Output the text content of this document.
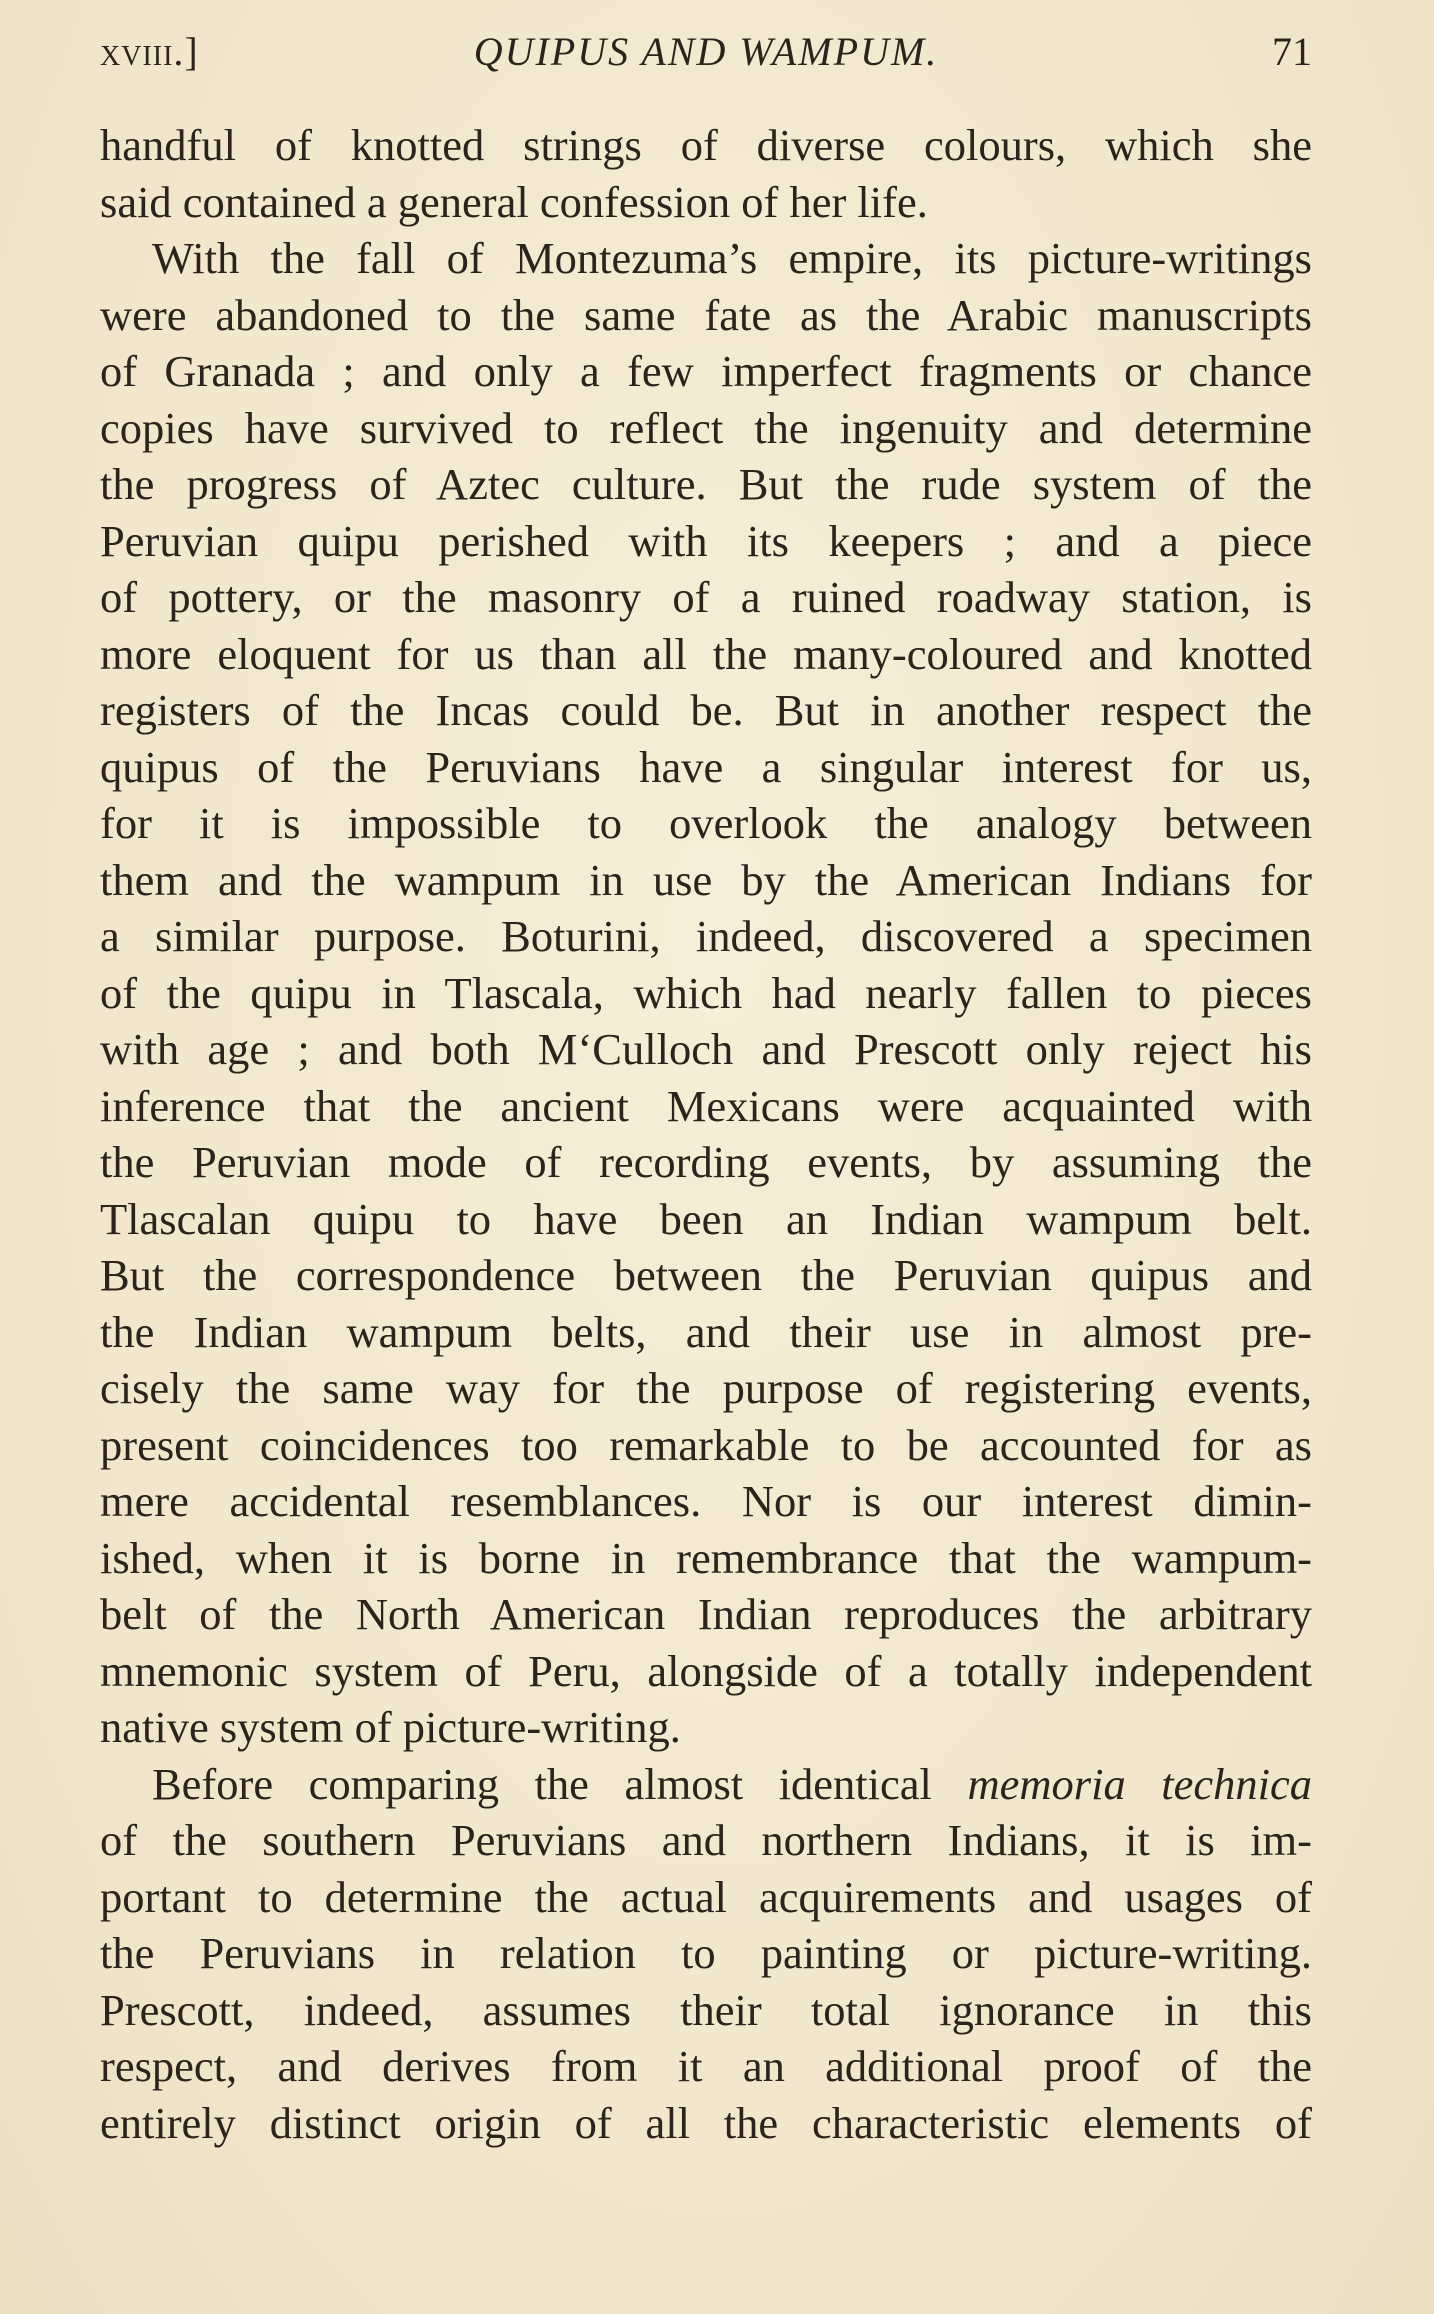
xviii.]	QUIPUS AND WAMPUM.	71
handful of knotted strings of diverse colours, which she
said contained a general confession of her life.
With the fall of Montezuma’s empire, its picture-writings
were abandoned to the same fate as the Arabic manuscripts
of Granada ; and only a few imperfect fragments or chance
copies have survived to reflect the ingenuity and determine
the progress of Aztec culture. But the rude system of the
Peruvian quipu perished with its keepers ; and a piece
of pottery, or the masonry of a ruined roadway station, is
more eloquent for us than all the many-coloured and knotted
registers of the Incas could be. But in another respect the
quipus of the Peruvians have a singular interest for us,
for it is impossible to overlook the analogy between
them and the wampum in use by the American Indians for
a similar purpose. Boturini, indeed, discovered a specimen
of the quipu in Tlascala, which had nearly fallen to pieces
with age ; and both M‘Culloch and Prescott only reject his
inference that the ancient Mexicans were acquainted with
the Peruvian mode of recording events, by assuming the
Tlascalan quipu to have been an Indian wampum belt.
But the correspondence between the Peruvian quipus and
the Indian wampum belts, and their use in almost pre-
cisely the same way for the purpose of registering events,
present coincidences too remarkable to be accounted for as
mere accidental resemblances. Nor is our interest dimin-
ished, when it is borne in remembrance that the wampum-
belt of the North American Indian reproduces the arbitrary
mnemonic system of Peru, alongside of a totally independent
native system of picture-writing.
Before comparing the almost identical memoria technica
of the southern Peruvians and northern Indians, it is im-
portant to determine the actual acquirements and usages of
the Peruvians in relation to painting or picture-writing.
Prescott, indeed, assumes their total ignorance in this
respect, and derives from it an additional proof of the
entirely distinct origin of all the characteristic elements of
